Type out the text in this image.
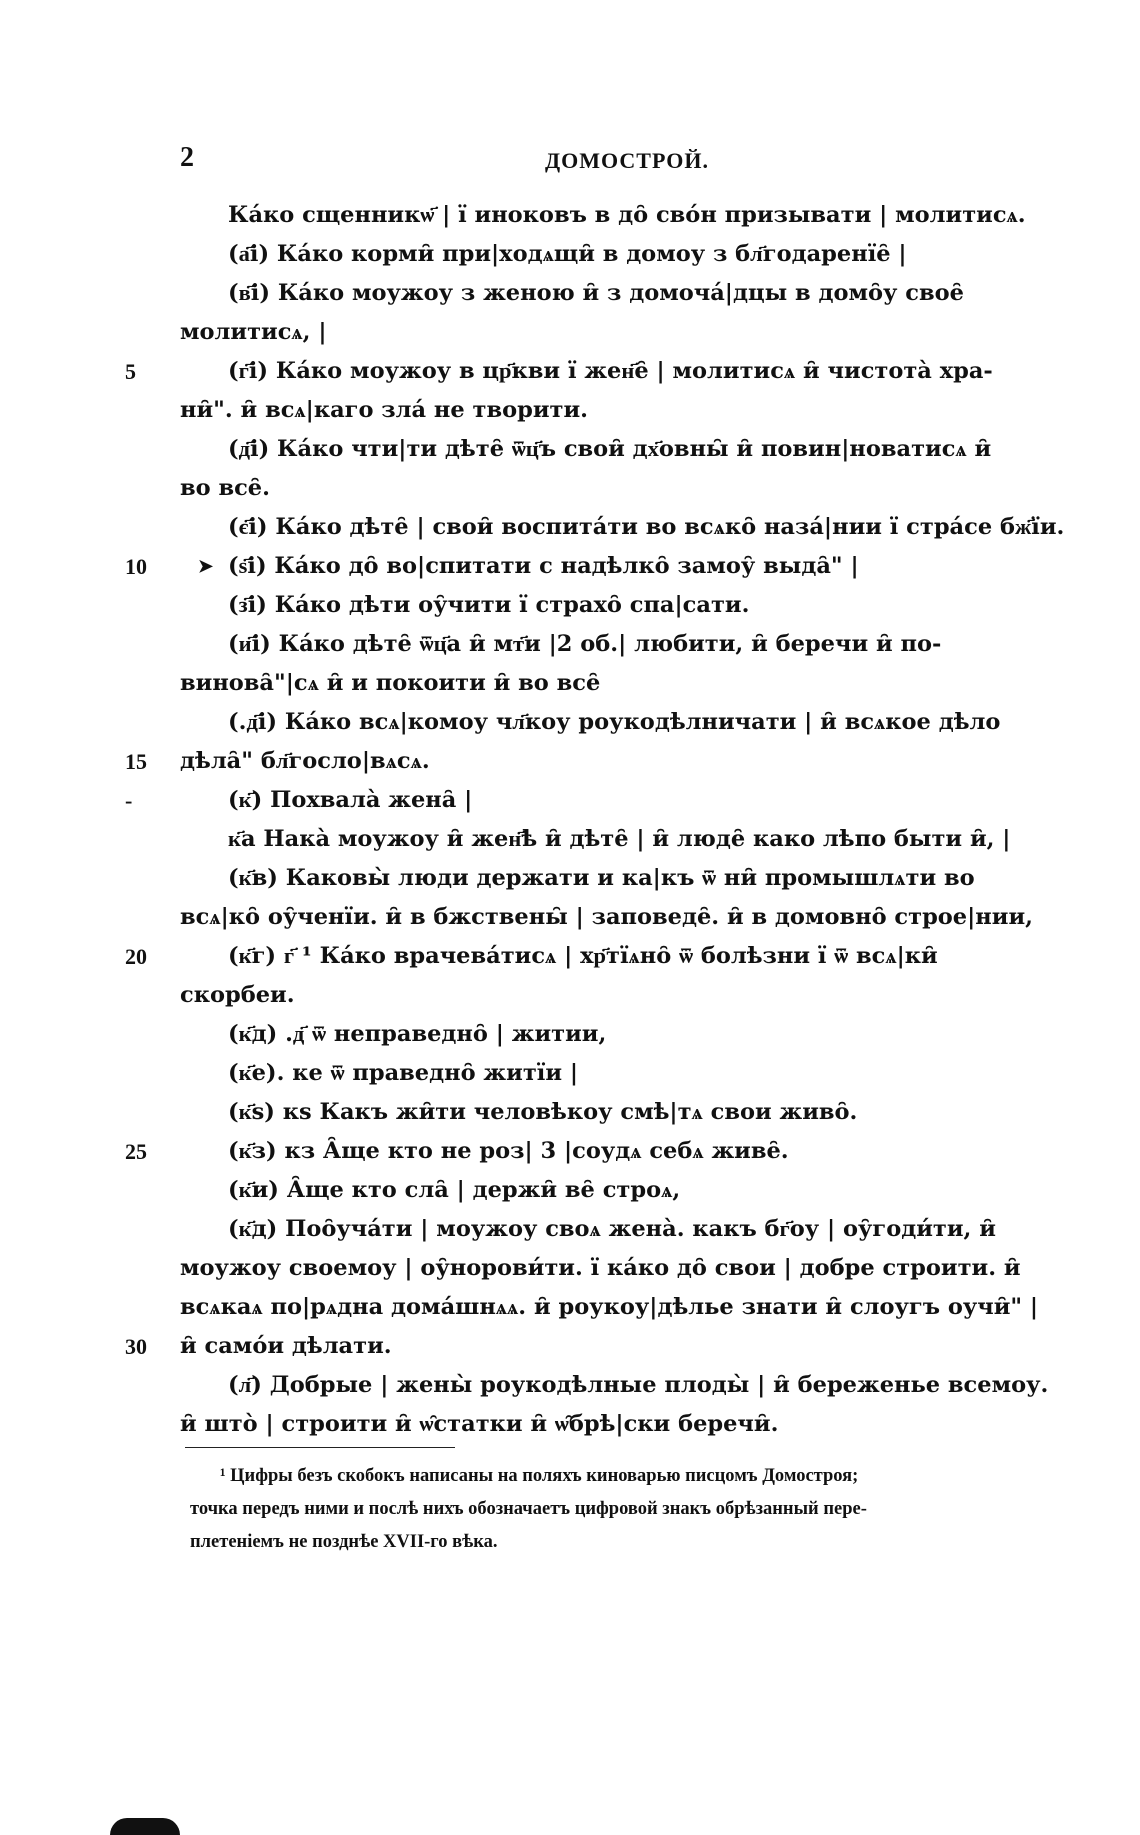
2	ДОМОСТРОЙ.
Ка́ко сщенникѡ҃ | ї иноковъ в до̑ сво́н призывати | молитисѧ.
(а҃і) Ка́ко корми̑ при|ходѧщи̑ в домоу з бл҃годаренїе̑ |
(в҃і) Ка́ко моужоу з женою и̑ з домоча́|дцы в домо̑у свое̑
молитисѧ, |
5	(г҃і) Ка́ко моужоу в цр҃кви ї жен҃е̑ | молитисѧ и̑ чистота̀ хра-
ни̑". и̑ всѧ|каго зла́ не творити.
(д҃і) Ка́ко чти|ти дѣте̑ ѿц҃ъ свои̑ дх҃овны̑ и̑ повин|новатисѧ и̑
во все̑.
(є҃і) Ка́ко дѣте̑ | свои̑ воспита́ти во всѧко̑ наза́|нии ї стра́се бж҃їи.
10	➤ (ѕ҃і) Ка́ко до̑ во|спитати с надѣлко̑ замоу̑ выда̑" |
(з҃і) Ка́ко дѣти оу̑чити ї страхо̑ спа|сати.
(и҃і) Ка́ко дѣте̑ ѿц҃а и̑ мт҃и |2 об.| любити, и̑ беречи и̑ по-
винова̑"|сѧ и̑ и покоити и̑ во все̑
(.д҃і) Ка́ко всѧ|комоу чл҃коу роукодѣлничати | и̑ всѧкое дѣло
15	дѣла̑" бл҃госло|вѧсѧ.
-	(к҃) Похвала̀ жена̑ |
к҃а Нака̀ моужоу и̑ жен҃ѣ и̑ дѣте̑ | и̑ люде̑ како лѣпо быти и̑, |
(к҃в) Каковы̀ люди держати и ка|къ ѿ ни̑ промышлѧти во
всѧ|ко̑ оу̑ченїи. и̑ в бжcтвены̑ | заповеде̑. и̑ в домовно̑ строе|нии,
20	(к҃г) г҃ ¹ Ка́ко врачева́тисѧ | хр҃тїѧно̑ ѿ болѣзни ї ѿ всѧ|ки̑
скорбеи.
(к҃д) .д҃ ѿ неправедно̑ | житии,
(к҃е). ке ѿ праведно̑ житїи |
(к҃ѕ) кѕ Какъ жи̑ти человѣкоу смѣ|тѧ свои живо̑.
25	(к҃з) кз А̑ще кто не роз| 3 |соудѧ себѧ живе̑.
(к҃и) А̑ще кто сла̑ | держи̑ ве̑ строѧ,
(к҃д) Поо̑уча́ти | моужоу своѧ жена̀. какъ бг҃оу | оу̑годи́ти, и̑
моужоу своемоу | оу̑норови́ти. ї ка́ко до̑ свои | добре строити. и̑
всѧкаѧ по|рѧдна дома́шнѧѧ. и̑ роукоу|дѣлье знати и̑ слоугъ оучи̑" |
30	и̑ само́и дѣлати.
(л҃) Добрые | жены̀ роукодѣлные плоды̀ | и̑ береженье всемоу.
и̑ што̀ | строити и̑ ѡ̑статки и̑ ѡ̑брѣ|ски беречи̑.
¹ Цифры безъ скобокъ написаны на поляхъ киноварью писцомъ Домостроя;
точка передъ ними и послѣ нихъ обозначаетъ цифровой знакъ обрѣзанный пере-
плетенiемъ не позднѣе XVII-го вѣка.
